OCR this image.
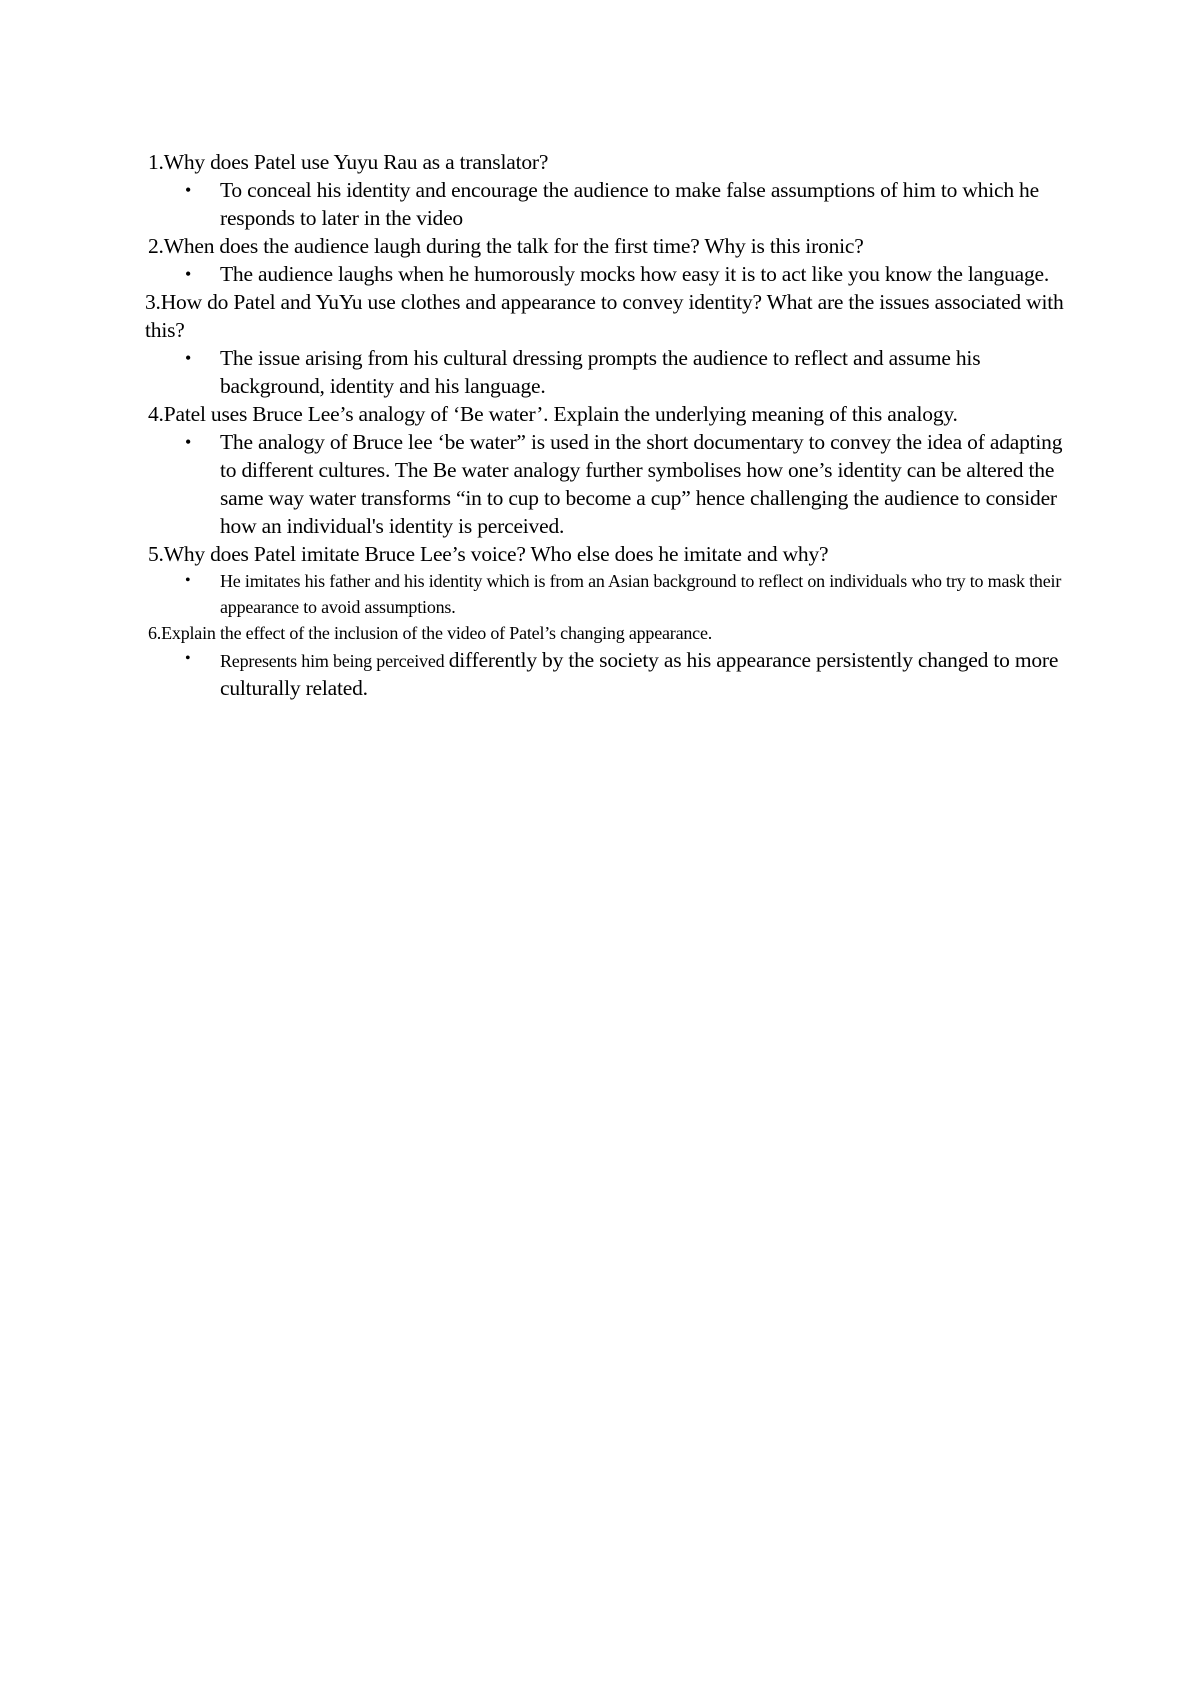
1.Why does Patel use Yuyu Rau as a translator?

• To conceal his identity and encourage the audience to make false assumptions of him to which he responds to later in the video

2.When does the audience laugh during the talk for the first time? Why is this ironic?

• The audience laughs when he humorously mocks how easy it is to act like you know the language.

3.How do Patel and YuYu use clothes and appearance to convey identity? What are the issues associated with this?

• The issue arising from his cultural dressing prompts the audience to reflect and assume his background, identity and his language.

4.Patel uses Bruce Lee’s analogy of ‘Be water’. Explain the underlying meaning of this analogy.

• The analogy of Bruce lee ‘be water” is used in the short documentary to convey the idea of adapting to different cultures. The Be water analogy further symbolises how one’s identity can be altered the same way water transforms “in to cup to become a cup” hence challenging the audience to consider how an individual's identity is perceived.

5.Why does Patel imitate Bruce Lee’s voice? Who else does he imitate and why?

• He imitates his father and his identity which is from an Asian background to reflect on individuals who try to mask their appearance to avoid assumptions.

6.Explain the effect of the inclusion of the video of Patel’s changing appearance.

• Represents him being perceived differently by the society as his appearance persistently changed to more culturally related.
